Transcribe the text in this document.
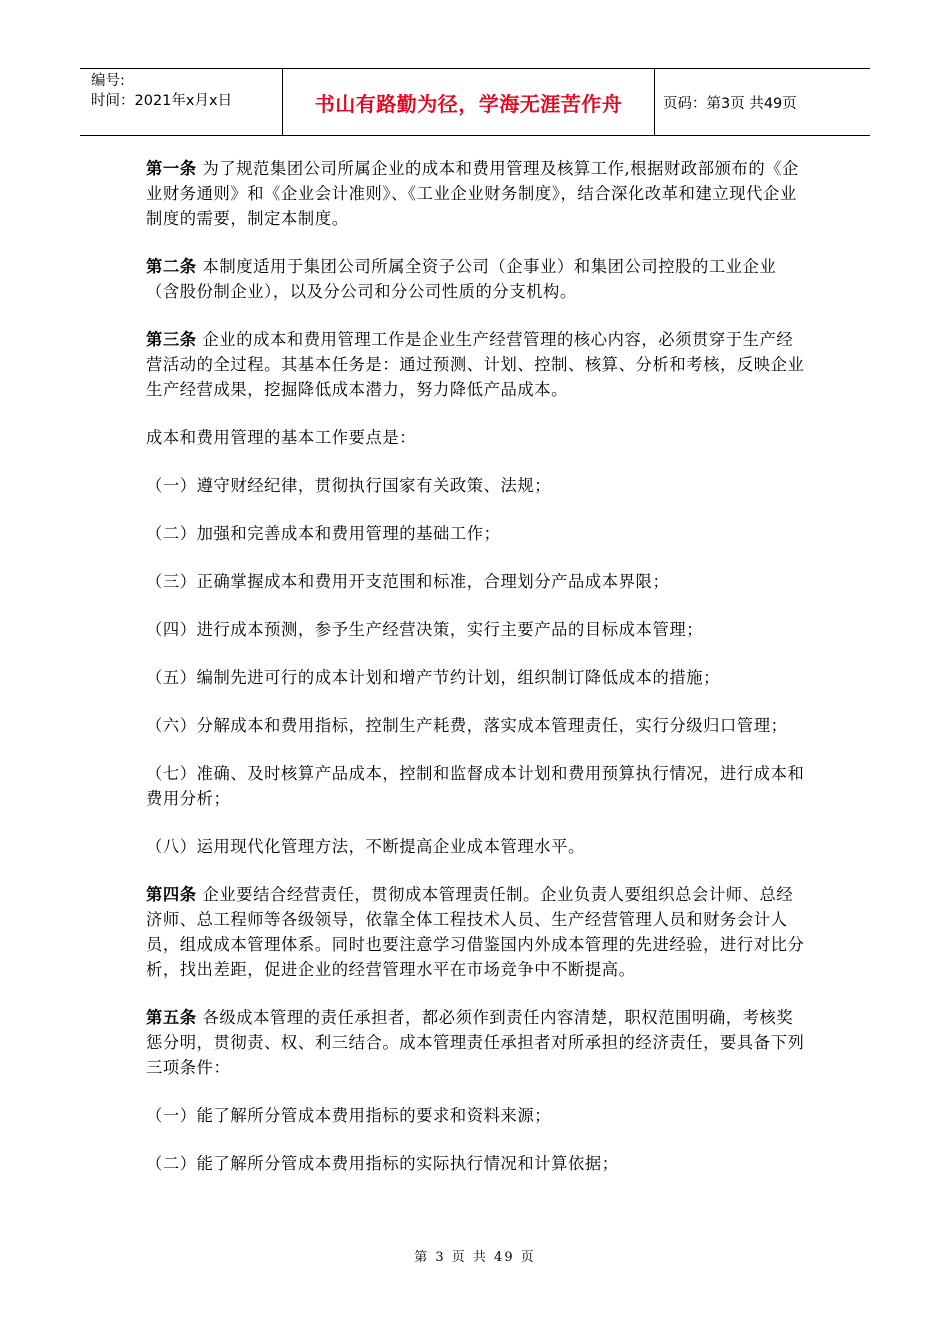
编号:
时间：2021年x月x日	书山有路勤为径，学海无涯苦作舟	页码：第3页 共49页

第一条 为了规范集团公司所属企业的成本和费用管理及核算工作,根据财政部颁布的《企业财务通则》和《企业会计准则》、《工业企业财务制度》，结合深化改革和建立现代企业制度的需要，制定本制度。

第二条 本制度适用于集团公司所属全资子公司（企事业）和集团公司控股的工业企业（含股份制企业），以及分公司和分公司性质的分支机构。

第三条 企业的成本和费用管理工作是企业生产经营管理的核心内容，必须贯穿于生产经营活动的全过程。其基本任务是：通过预测、计划、控制、核算、分析和考核，反映企业生产经营成果，挖掘降低成本潜力，努力降低产品成本。

成本和费用管理的基本工作要点是：

（一）遵守财经纪律，贯彻执行国家有关政策、法规；

（二）加强和完善成本和费用管理的基础工作；

（三）正确掌握成本和费用开支范围和标准，合理划分产品成本界限；

（四）进行成本预测，参予生产经营决策，实行主要产品的目标成本管理；

（五）编制先进可行的成本计划和增产节约计划，组织制订降低成本的措施；

（六）分解成本和费用指标，控制生产耗费，落实成本管理责任，实行分级归口管理；

（七）准确、及时核算产品成本，控制和监督成本计划和费用预算执行情况，进行成本和费用分析；

（八）运用现代化管理方法，不断提高企业成本管理水平。

第四条 企业要结合经营责任，贯彻成本管理责任制。企业负责人要组织总会计师、总经济师、总工程师等各级领导，依靠全体工程技术人员、生产经营管理人员和财务会计人员，组成成本管理体系。同时也要注意学习借鉴国内外成本管理的先进经验，进行对比分析，找出差距，促进企业的经营管理水平在市场竞争中不断提高。

第五条 各级成本管理的责任承担者，都必须作到责任内容清楚，职权范围明确，考核奖惩分明，贯彻责、权、利三结合。成本管理责任承担者对所承担的经济责任，要具备下列三项条件：

（一）能了解所分管成本费用指标的要求和资料来源；

（二）能了解所分管成本费用指标的实际执行情况和计算依据；

第 3 页 共 49 页
